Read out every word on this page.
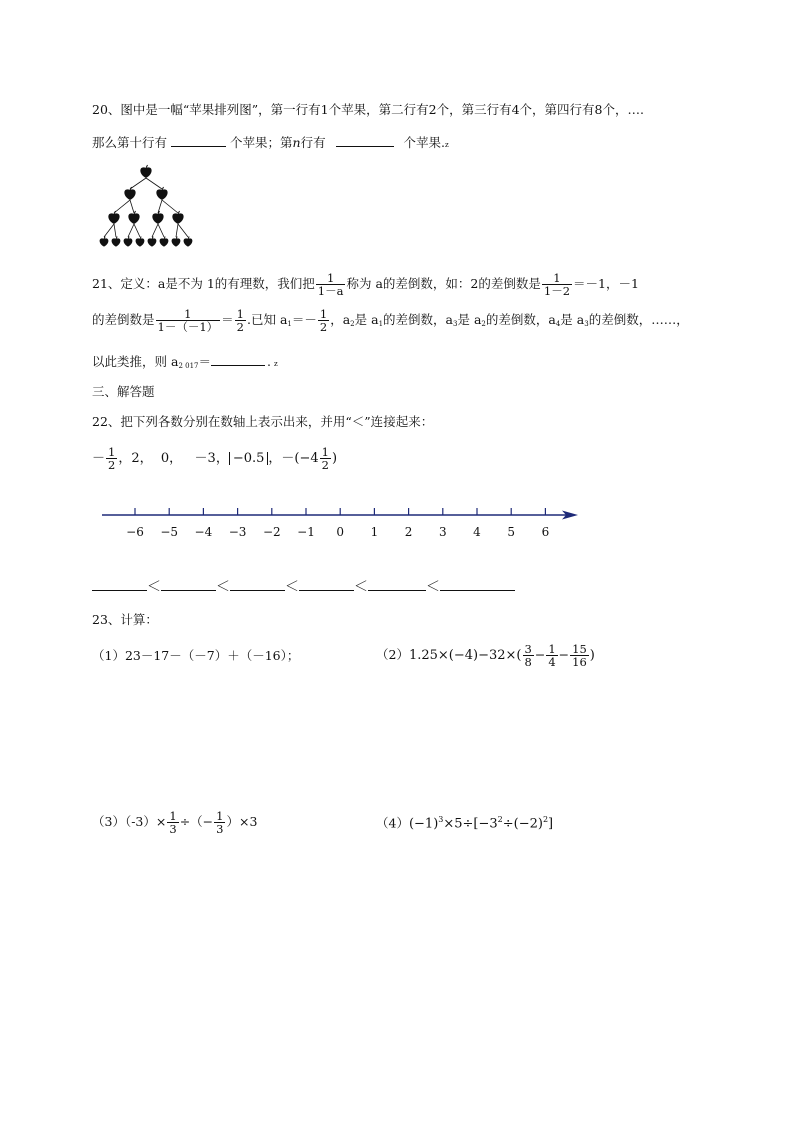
20、图中是一幅“苹果排列图”，第一行有1个苹果，第二行有2个，第三行有4个，第四行有8个，….
那么第十行有	个苹果；第n行有	个苹果.z
21、定义：a是不为 1的有理数，我们把 $\frac{1}{1-a}$ 称为 a的差倒数，如：2的差倒数是 $\frac{1}{1-2} =-1$，－1
的差倒数是 $\frac{1}{1-(-1)} = \frac{1}{2}$ .已知 $a_1=- \frac{1}{2}$ ，$a_2$是 $a_1$的差倒数，$a_3$是 $a_2$的差倒数，$a_4$是 $a_3$的差倒数，……，
以此类推，则 $a_{2 017}=$	. z
三、解答题
22、把下列各数分别在数轴上表示出来，并用“＜”连接起来：
－ $\frac{1}{2}$ ，2，  0，   －3， −0.5 ，$-(-4 \frac{1}{2}$ )
−6 −5 −4 −3 −2 −1 0 1 2 3 4 5 6
＜	＜	＜	＜	＜
23、计算：
（1）23－17－（－7）＋（－16）；	$(2)1.25\times(-4)-32\times( \frac{3}{8} - \frac{1}{4} - \frac{15}{16}$ )
$(3)(-3)\times \frac{1}{3}$ ÷（− $\frac{1}{3} )\times 3$	$(4)(-1)^3\times 5\div[-3^2\div(-2)^2]$
